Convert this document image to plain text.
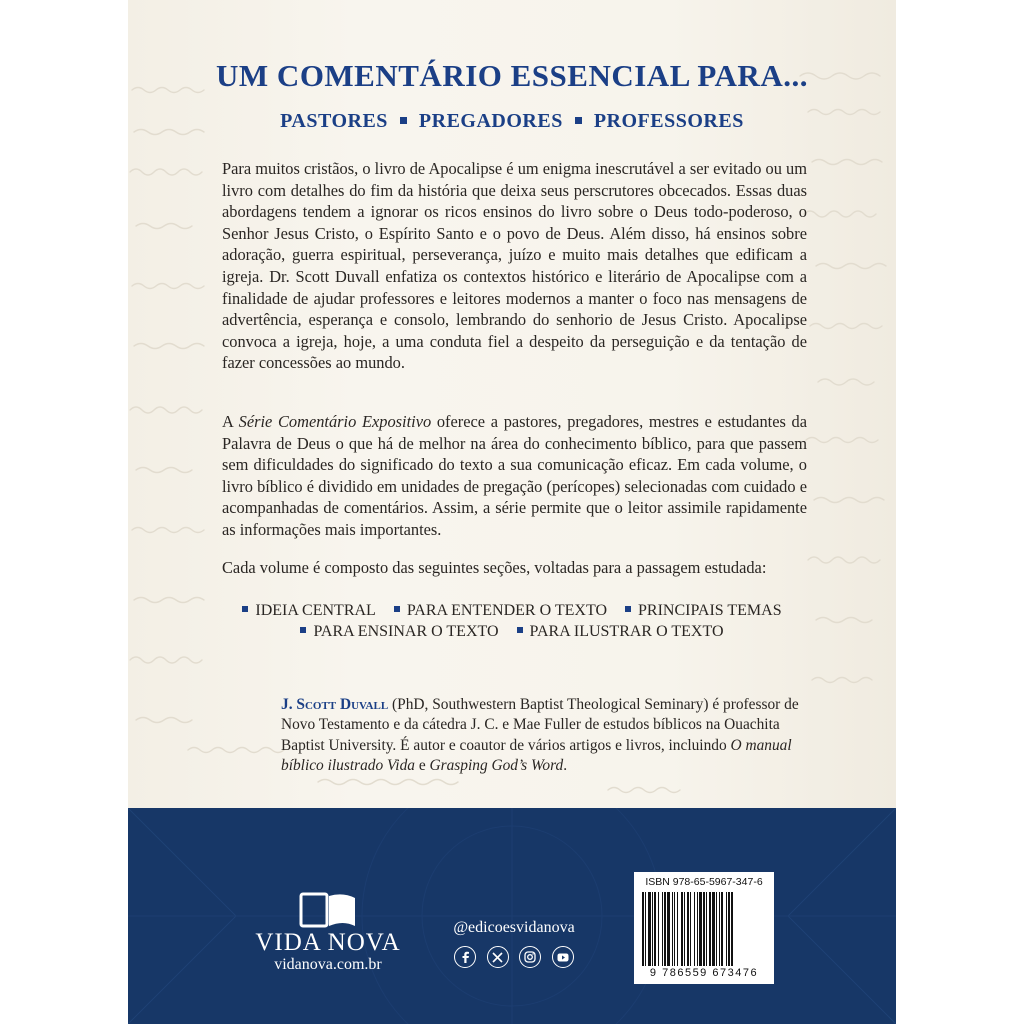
UM COMENTÁRIO ESSENCIAL PARA...
PASTORES PREGADORES PROFESSORES

Para muitos cristãos, o livro de Apocalipse é um enigma inescrutável a ser evitado ou um livro com detalhes do fim da história que deixa seus perscrutores obcecados. Essas duas abordagens tendem a ignorar os ricos ensinos do livro sobre o Deus todo-poderoso, o Senhor Jesus Cristo, o Espírito Santo e o povo de Deus. Além disso, há ensinos sobre adoração, guerra espiritual, perseverança, juízo e muito mais detalhes que edificam a igreja. Dr. Scott Duvall enfatiza os contextos histórico e literário de Apocalipse com a finalidade de ajudar professores e leitores modernos a manter o foco nas mensagens de advertência, esperança e consolo, lembrando do senhorio de Jesus Cristo. Apocalipse convoca a igreja, hoje, a uma conduta fiel a despeito da perseguição e da tentação de fazer concessões ao mundo.

A Série Comentário Expositivo oferece a pastores, pregadores, mestres e estudantes da Palavra de Deus o que há de melhor na área do conhecimento bíblico, para que passem sem dificuldades do significado do texto a sua comunicação eficaz. Em cada volume, o livro bíblico é dividido em unidades de pregação (perícopes) selecionadas com cuidado e acompanhadas de comentários. Assim, a série permite que o leitor assimile rapidamente as informações mais importantes.

Cada volume é composto das seguintes seções, voltadas para a passagem estudada:

IDEIA CENTRAL PARA ENTENDER O TEXTO PRINCIPAIS TEMAS
PARA ENSINAR O TEXTO PARA ILUSTRAR O TEXTO

J. Scott Duvall (PhD, Southwestern Baptist Theological Seminary) é professor de Novo Testamento e da cátedra J. C. e Mae Fuller de estudos bíblicos na Ouachita Baptist University. É autor e coautor de vários artigos e livros, incluindo O manual bíblico ilustrado Vida e Grasping God’s Word.

VIDA NOVA
vidanova.com.br
@edicoesvidanova
ISBN 978-65-5967-347-6
9 786559 673476
